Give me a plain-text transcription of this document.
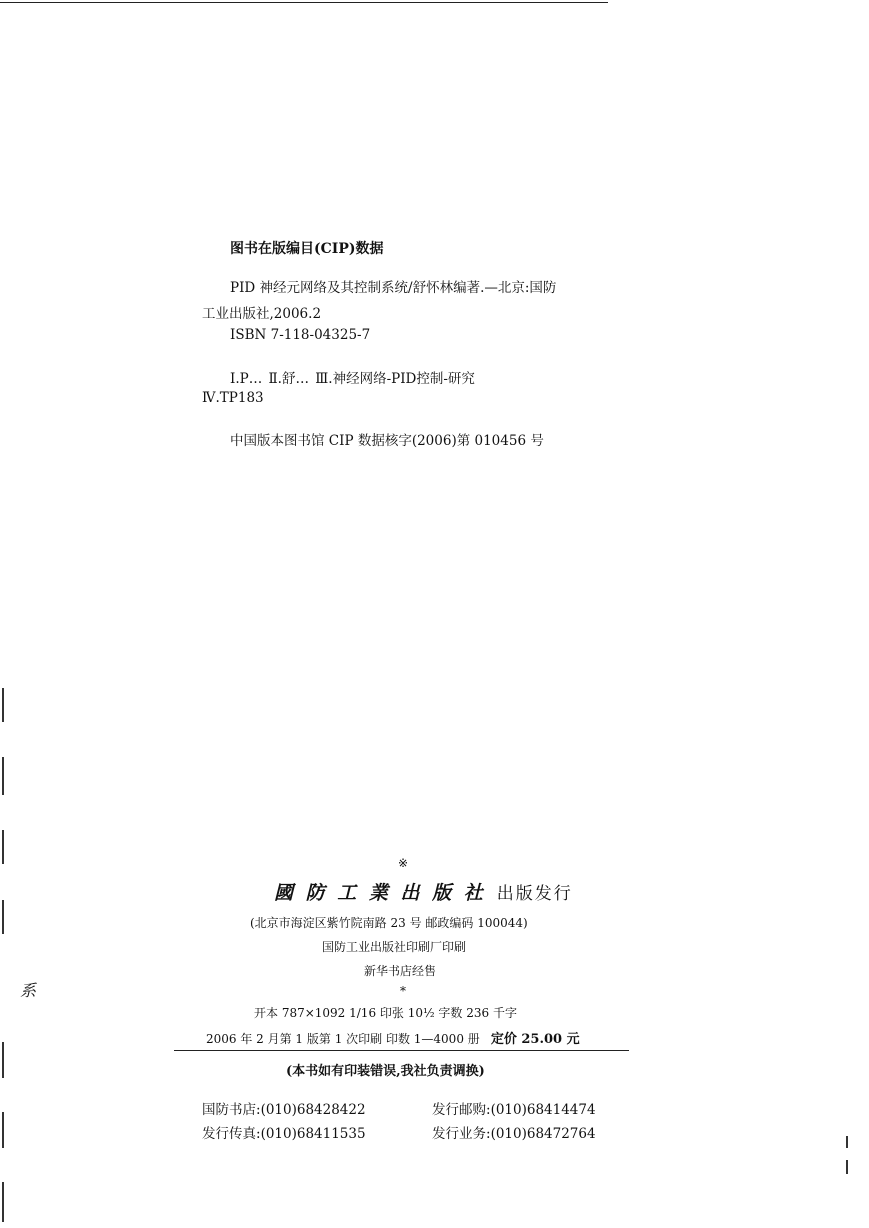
系
图书在版编目(CIP)数据
PID 神经元网络及其控制系统/舒怀林编著.—北京:国防
工业出版社,2006.2
ISBN 7-118-04325-7
Ⅰ.P… Ⅱ.舒… Ⅲ.神经网络-PID控制-研究
Ⅳ.TP183
中国版本图书馆 CIP 数据核字(2006)第 010456 号
※
國 防 工 業 出 版 社 出版发行
(北京市海淀区紫竹院南路 23 号 邮政编码 100044)
国防工业出版社印刷厂印刷
新华书店经售
*
开本 787×1092 1/16 印张 10½ 字数 236 千字
2006 年 2 月第 1 版第 1 次印刷 印数 1—4000 册 定价 25.00 元
(本书如有印装错误,我社负责调换)
国防书店:(010)68428422	发行邮购:(010)68414474
发行传真:(010)68411535	发行业务:(010)68472764
